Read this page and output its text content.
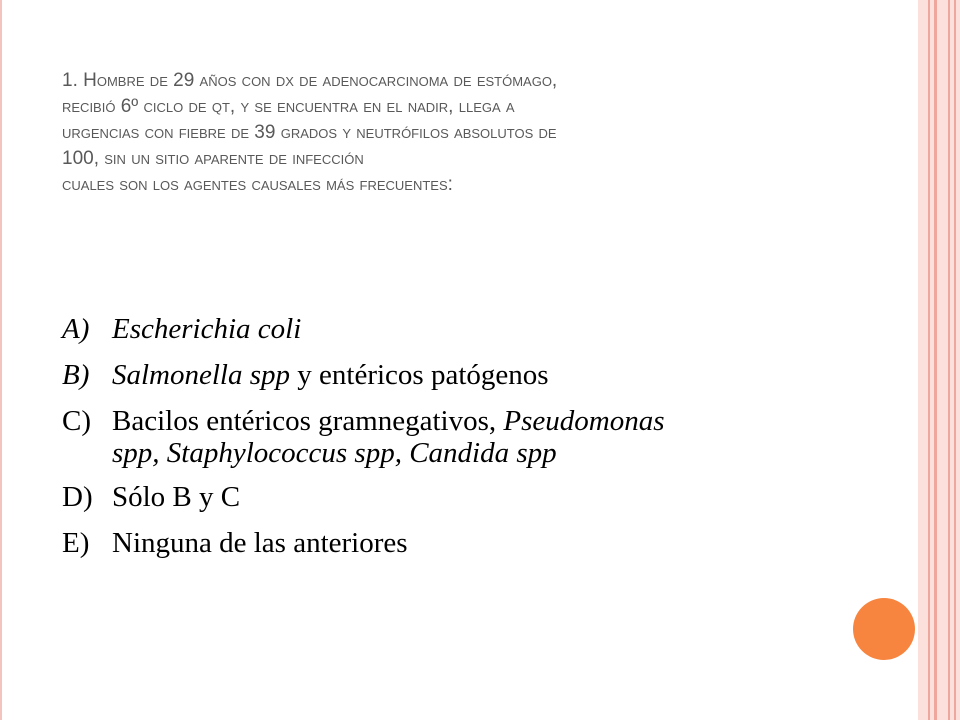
1. Hombre de 29 años con dx de adenocarcinoma de estómago,
recibió 6º ciclo de qt, y se encuentra en el nadir, llega a
urgencias con fiebre de 39 grados y neutrófilos absolutos de
100, sin un sitio aparente de infección
cuales son los agentes causales más frecuentes:
A) Escherichia coli
B) Salmonella spp y entéricos patógenos
C) Bacilos entéricos gramnegativos, Pseudomonas
spp, Staphylococcus spp, Candida spp
D) Sólo B y C
E) Ninguna de las anteriores
